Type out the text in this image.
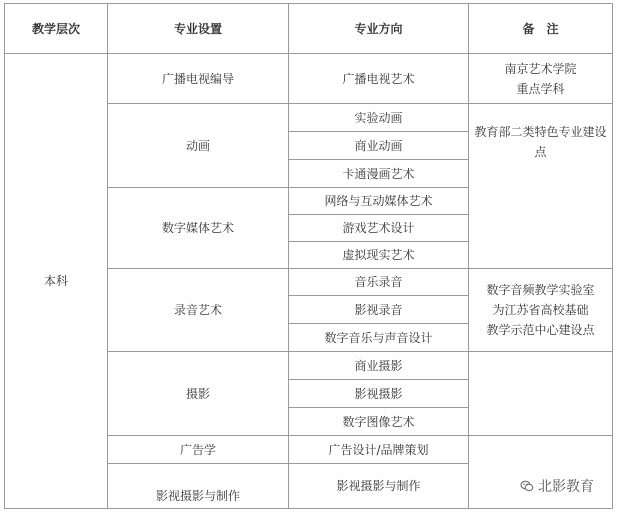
教学层次	专业设置	专业方向	备　注
本科	广播电视编导	广播电视艺术	南京艺术学院
重点学科

	动画	实验动画	教育部二类特色专业建设
点

		商业动画	
		卡通漫画艺术	
	数字媒体艺术	网络与互动媒体艺术	
		游戏艺术设计	
		虚拟现实艺术	
	录音艺术	音乐录音	数字音频教学实验室
为江苏省高校基础
教学示范中心建设点

		影视录音	
		数字音乐与声音设计	
	摄影	商业摄影	
		影视摄影	
		数字图像艺术	
	广告学	广告设计/品牌策划	
	影视摄影与制作	影视摄影与制作		北影教育
